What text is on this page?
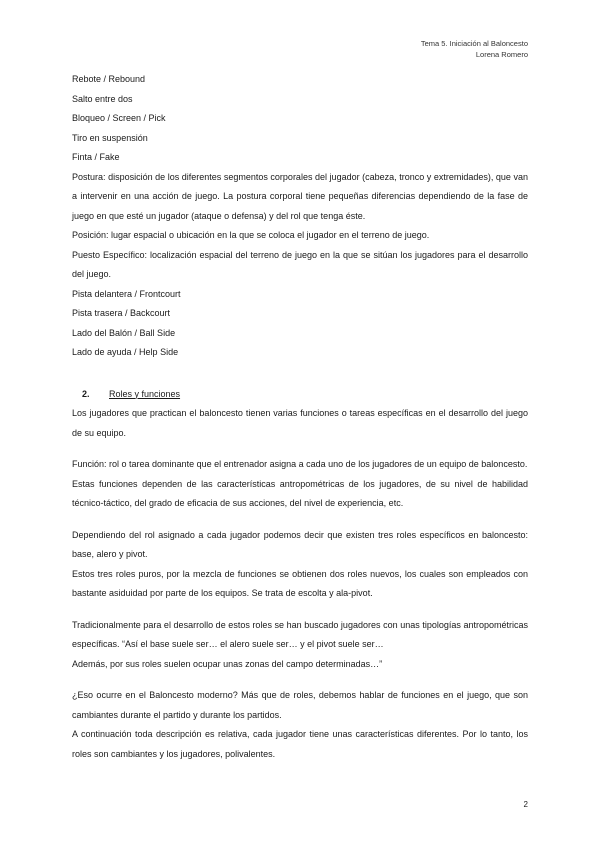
Tema 5. Iniciación al Baloncesto
Lorena Romero
Rebote / Rebound
Salto entre dos
Bloqueo / Screen / Pick
Tiro en suspensión
Finta / Fake
Postura: disposición de los diferentes segmentos corporales del jugador (cabeza, tronco y extremidades), que van a intervenir en una acción de juego. La postura corporal tiene pequeñas diferencias dependiendo de la fase de juego en que esté un jugador (ataque o defensa) y del rol que tenga éste.
Posición: lugar espacial o ubicación en la que se coloca el jugador en el terreno de juego.
Puesto Específico: localización espacial del terreno de juego en la que se sitúan los jugadores para el desarrollo del juego.
Pista delantera / Frontcourt
Pista trasera / Backcourt
Lado del Balón / Ball Side
Lado de ayuda / Help Side
2.	Roles y funciones
Los jugadores que practican el baloncesto tienen varias funciones o tareas específicas en el desarrollo del juego de su equipo.
Función: rol o tarea dominante que el entrenador asigna a cada uno de los jugadores de un equipo de baloncesto.
Estas funciones dependen de las características antropométricas de los jugadores, de su nivel de habilidad técnico-táctico, del grado de eficacia de sus acciones, del nivel de experiencia, etc.
Dependiendo del rol asignado a cada jugador podemos decir que existen tres roles específicos en baloncesto: base, alero y pivot.
Estos tres roles puros, por la mezcla de funciones se obtienen dos roles nuevos, los cuales son empleados con bastante asiduidad por parte de los equipos. Se trata de escolta y ala-pivot.
Tradicionalmente para el desarrollo de estos roles se han buscado jugadores con unas tipologías antropométricas específicas. “Así el base suele ser… el alero suele ser… y el pivot suele ser…
Además, por sus roles suelen ocupar unas zonas del campo determinadas…”
¿Eso ocurre en el Baloncesto moderno? Más que de roles, debemos hablar de funciones en el juego, que son cambiantes durante el partido y durante los partidos.
A continuación toda descripción es relativa, cada jugador tiene unas características diferentes. Por lo tanto, los roles son cambiantes y los jugadores, polivalentes.
2
